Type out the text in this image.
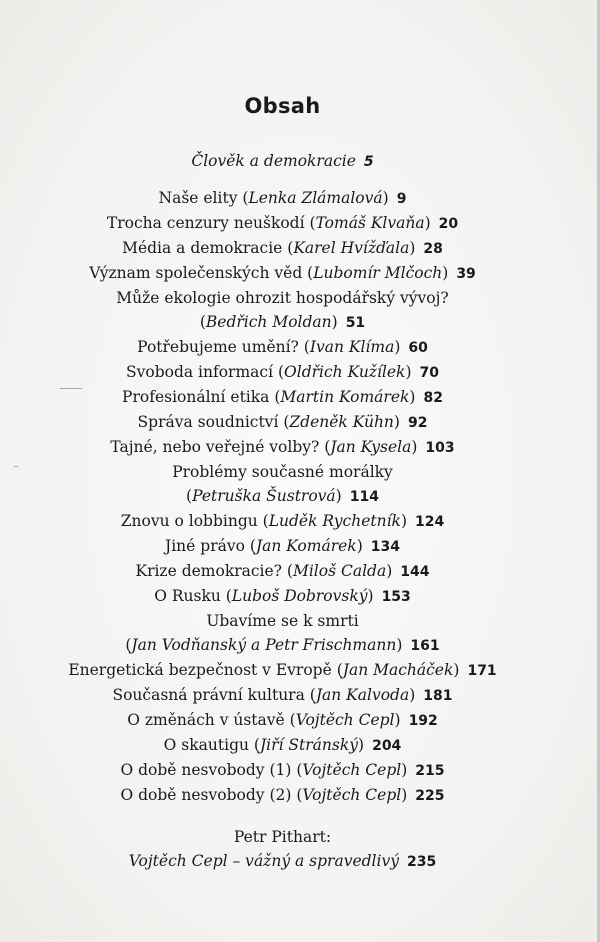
Obsah
Člověk a demokracie 5
Naše elity (Lenka Zlámalová) 9
Trocha cenzury neuškodí (Tomáš Klvaňa) 20
Média a demokracie (Karel Hvížďala) 28
Význam společenských věd (Lubomír Mlčoch) 39
Může ekologie ohrozit hospodářský vývoj?
(Bedřich Moldan) 51
Potřebujeme umění? (Ivan Klíma) 60
Svoboda informací (Oldřich Kužílek) 70
Profesionální etika (Martin Komárek) 82
Správa soudnictví (Zdeněk Kühn) 92
Tajné, nebo veřejné volby? (Jan Kysela) 103
Problémy současné morálky
(Petruška Šustrová) 114
Znovu o lobbingu (Luděk Rychetník) 124
Jiné právo (Jan Komárek) 134
Krize demokracie? (Miloš Calda) 144
O Rusku (Luboš Dobrovský) 153
Ubavíme se k smrti
(Jan Vodňanský a Petr Frischmann) 161
Energetická bezpečnost v Evropě (Jan Macháček) 171
Současná právní kultura (Jan Kalvoda) 181
O změnách v ústavě (Vojtěch Cepl) 192
O skautigu (Jiří Stránský) 204
O době nesvobody (1) (Vojtěch Cepl) 215
O době nesvobody (2) (Vojtěch Cepl) 225
Petr Pithart:
Vojtěch Cepl – vážný a spravedlivý 235
